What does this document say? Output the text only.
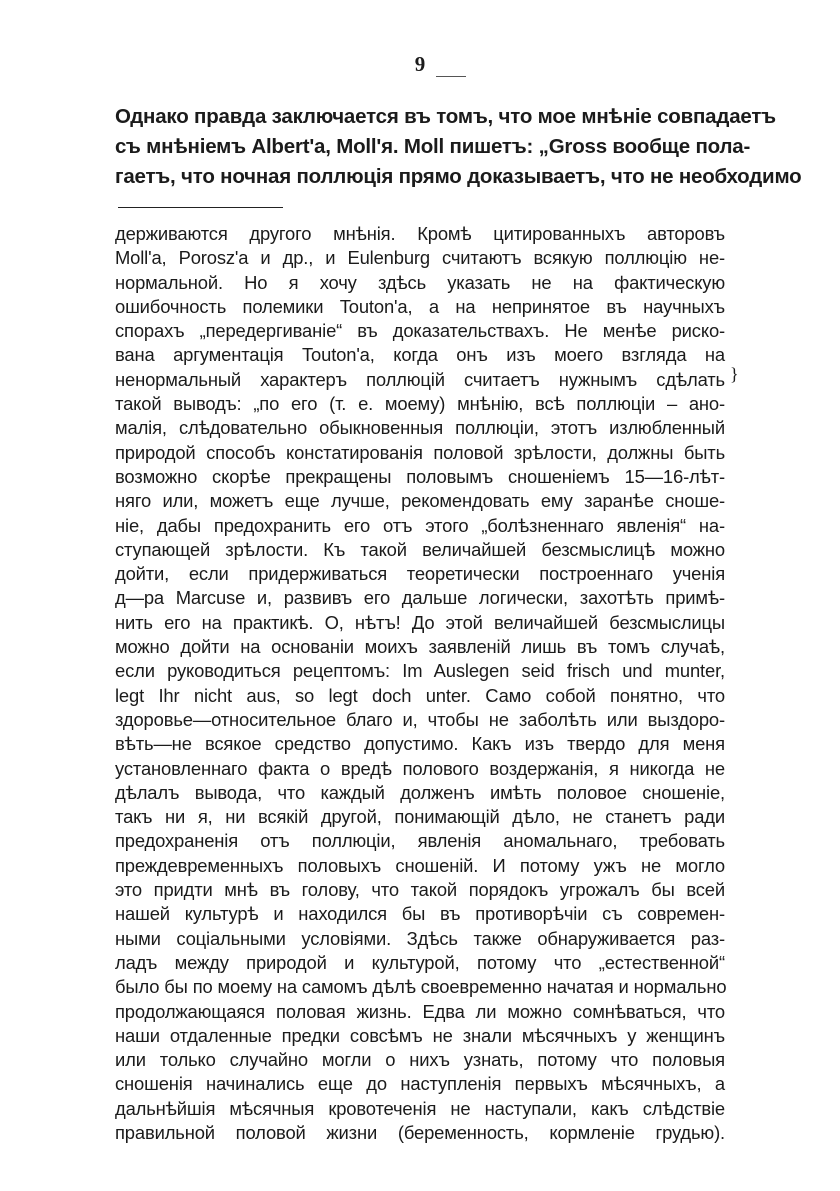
9
Однако правда заключается въ томъ, что мое мнѣніе совпадаетъ
съ мнѣніемъ Albert'a, Moll'я. Moll пишетъ: „Gross вообще пола-
гаетъ, что ночная поллюція прямо доказываетъ, что не необходимо
держиваются другого мнѣнія. Кромѣ цитированныхъ авторовъ
Moll'a, Porosz'a и др., и Eulenburg считаютъ всякую поллюцію не-
нормальной. Но я хочу здѣсь указать не на фактическую
ошибочность полемики Touton'a, а на непринятое въ научныхъ
спорахъ „передергиваніе“ въ доказательствахъ. Не менѣе риско-
вана аргументація Touton'a, когда онъ изъ моего взгляда на
ненормальный характеръ поллюцій считаетъ нужнымъ сдѣлать
такой выводъ: „по его (т. е. моему) мнѣнію, всѣ поллюціи – ано-
малія, слѣдовательно обыкновенныя поллюціи, этотъ излюбленный
природой способъ констатированія половой зрѣлости, должны быть
возможно скорѣе прекращены половымъ сношеніемъ 15—16-лѣт-
няго или, можетъ еще лучше, рекомендовать ему заранѣе сноше-
ніе, дабы предохранить его отъ этого „болѣзненнаго явленія“ на-
ступающей зрѣлости. Къ такой величайшей безсмыслицѣ можно
дойти, если придерживаться теоретически построеннаго ученія
д—ра Marcuse и, развивъ его дальше логически, захотѣть примѣ-
нить его на практикѣ. О, нѣтъ! До этой величайшей безсмыслицы
можно дойти на основаніи моихъ заявленій лишь въ томъ случаѣ,
если руководиться рецептомъ: Im Auslegen seid frisch und munter,
legt Ihr nicht aus, so legt doch unter. Само собой понятно, что
здоровье—относительное благо и, чтобы не заболѣть или выздоро-
вѣть—не всякое средство допустимо. Какъ изъ твердо для меня
установленнаго факта о вредѣ полового воздержанія, я никогда не
дѣлалъ вывода, что каждый долженъ имѣть половое сношеніе,
такъ ни я, ни всякій другой, понимающій дѣло, не станетъ ради
предохраненія отъ поллюціи, явленія аномальнаго, требовать
преждевременныхъ половыхъ сношеній. И потому ужъ не могло
это придти мнѣ въ голову, что такой порядокъ угрожалъ бы всей
нашей культурѣ и находился бы въ противорѣчіи съ современ-
ными соціальными условіями. Здѣсь также обнаруживается раз-
ладъ между природой и культурой, потому что „естественной“
было бы по моему на самомъ дѣлѣ своевременно начатая и нормально
продолжающаяся половая жизнь. Едва ли можно сомнѣваться, что
наши отдаленные предки совсѣмъ не знали мѣсячныхъ у женщинъ
или только случайно могли о нихъ узнать, потому что половыя
сношенія начинались еще до наступленія первыхъ мѣсячныхъ, а
дальнѣйшія мѣсячныя кровотеченія не наступали, какъ слѣдствіе
правильной половой жизни (беременность, кормленіе грудью).
}
